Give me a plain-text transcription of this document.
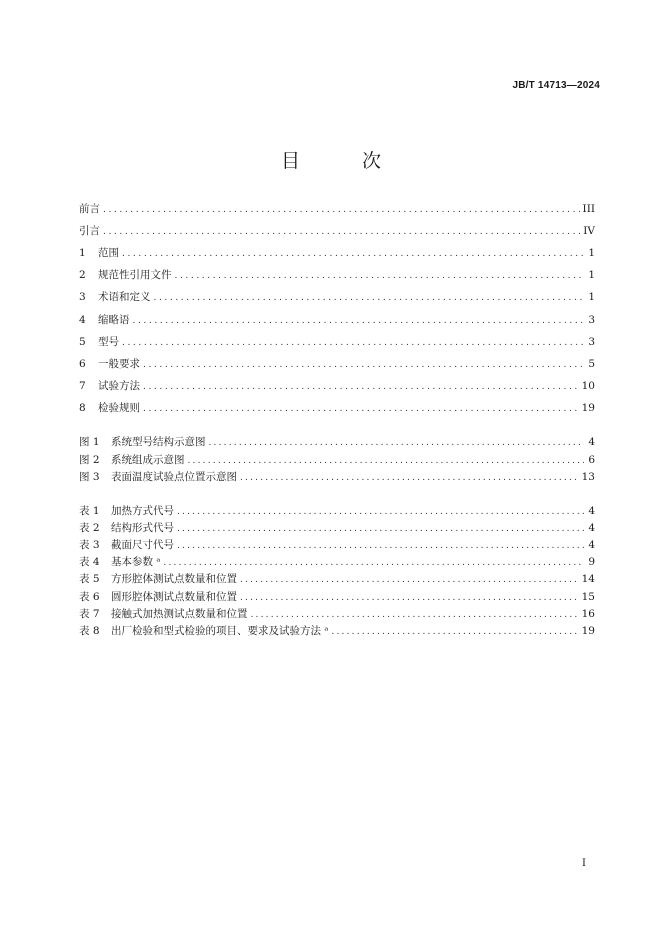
JB/T 14713—2024
目 次
前言 .....	III
引言 .....	IV
1	范围 .....	1
2	规范性引用文件 .....	1
3	术语和定义 .....	1
4	缩略语 .....	3
5	型号 .....	3
6	一般要求 .....	5
7	试验方法 .....	10
8	检验规则 .....	19
图 1	系统型号结构示意图 .....	4
图 2	系统组成示意图 .....	6
图 3	表面温度试验点位置示意图 .....	13
表 1	加热方式代号 .....	4
表 2	结构形式代号 .....	4
表 3	截面尺寸代号 .....	4
表 4	基本参数 ᵃ .....	9
表 5	方形腔体测试点数量和位置 .....	14
表 6	圆形腔体测试点数量和位置 .....	15
表 7	接触式加热测试点数量和位置 .....	16
表 8	出厂检验和型式检验的项目、要求及试验方法 ᵃ .....	19
I
